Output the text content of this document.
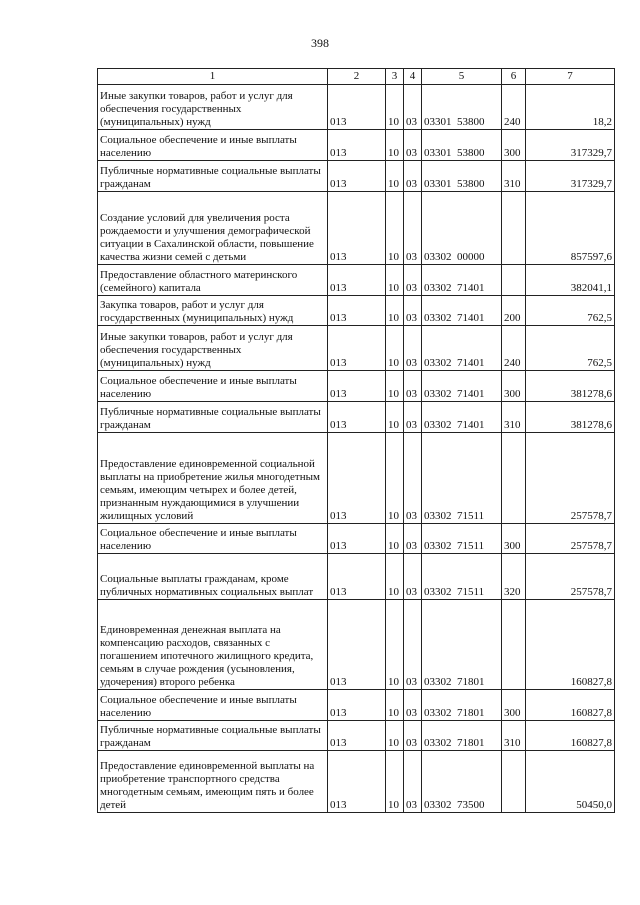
398
1	2	3	4	5	6	7
Иные закупки товаров, работ и услуг для обеспечения государственных (муниципальных) нужд	013	10	03	03301  53800	240	18,2
Социальное обеспечение и иные выплаты населению	013	10	03	03301  53800	300	317329,7
Публичные нормативные социальные выплаты гражданам	013	10	03	03301  53800	310	317329,7
Создание условий для увеличения роста рождаемости и улучшения демографической ситуации в Сахалинской области, повышение качества жизни семей с детьми	013	10	03	03302  00000		857597,6
Предоставление областного материнского (семейного) капитала	013	10	03	03302  71401		382041,1
Закупка товаров, работ и услуг для государственных (муниципальных) нужд	013	10	03	03302  71401	200	762,5
Иные закупки товаров, работ и услуг для обеспечения государственных (муниципальных) нужд	013	10	03	03302  71401	240	762,5
Социальное обеспечение и иные выплаты населению	013	10	03	03302  71401	300	381278,6
Публичные нормативные социальные выплаты гражданам	013	10	03	03302  71401	310	381278,6
Предоставление единовременной социальной выплаты на приобретение жилья многодетным семьям, имеющим четырех и более детей, признанным нуждающимися в улучшении жилищных условий	013	10	03	03302  71511		257578,7
Социальное обеспечение и иные выплаты населению	013	10	03	03302  71511	300	257578,7
Социальные выплаты гражданам, кроме публичных нормативных социальных выплат	013	10	03	03302  71511	320	257578,7
Единовременная денежная выплата на компенсацию расходов, связанных с погашением ипотечного жилищного кредита, семьям в случае рождения (усыновления, удочерения) второго ребенка	013	10	03	03302  71801		160827,8
Социальное обеспечение и иные выплаты населению	013	10	03	03302  71801	300	160827,8
Публичные нормативные социальные выплаты гражданам	013	10	03	03302  71801	310	160827,8
Предоставление единовременной выплаты на приобретение транспортного средства многодетным семьям, имеющим пять и более детей	013	10	03	03302  73500		50450,0
